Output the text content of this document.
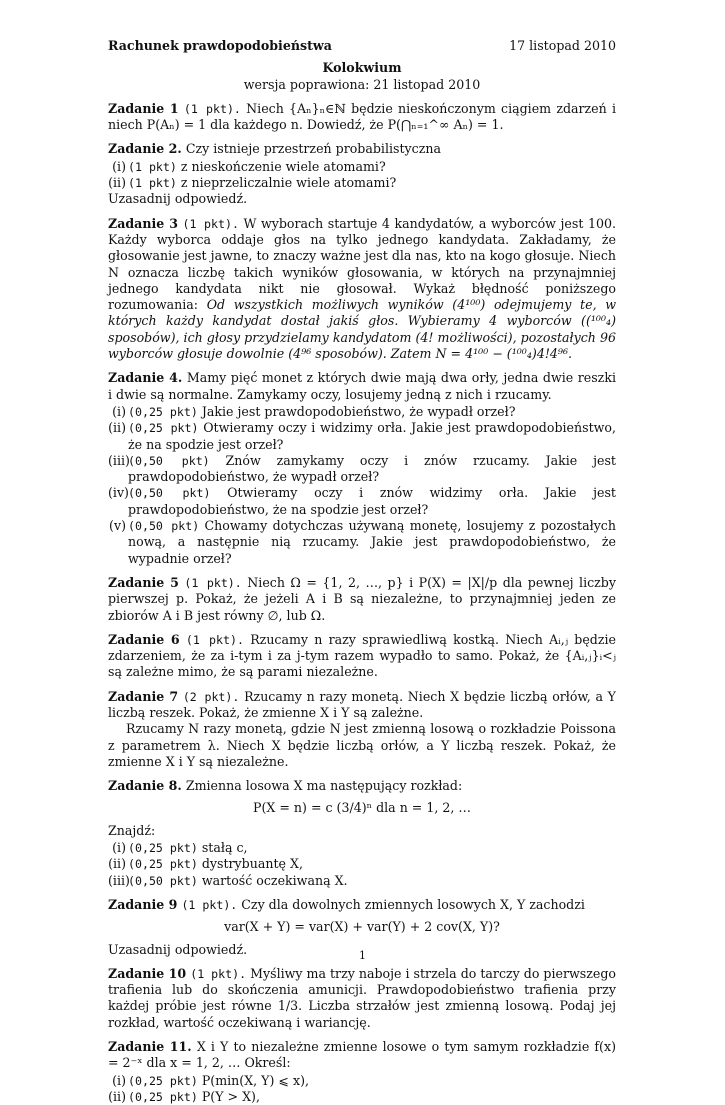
Rachunek prawdopodobieństwa	17 listopad 2010
Kolokwium
wersja poprawiona: 21 listopad 2010
Zadanie 1 (1 pkt). Niech {Aₙ}ₙ∈ℕ będzie nieskończonym ciągiem zdarzeń i niech P(Aₙ) = 1 dla każdego n. Dowiedź, że P(⋂ₙ₌₁^∞ Aₙ) = 1.
Zadanie 2. Czy istnieje przestrzeń probabilistyczna
(i) (1 pkt) z nieskończenie wiele atomami?
(ii) (1 pkt) z nieprzeliczalnie wiele atomami?
Uzasadnij odpowiedź.
Zadanie 3 (1 pkt). W wyborach startuje 4 kandydatów, a wyborców jest 100. Każdy wyborca oddaje głos na tylko jednego kandydata. Zakładamy, że głosowanie jest jawne, to znaczy ważne jest dla nas, kto na kogo głosuje. Niech N oznacza liczbę takich wyników głosowania, w których na przynajmniej jednego kandydata nikt nie głosował. Wykaż błędność poniższego rozumowania: Od wszystkich możliwych wyników (4¹⁰⁰) odejmujemy te, w których każdy kandydat dostał jakiś głos. Wybieramy 4 wyborców ((¹⁰⁰₄) sposobów), ich głosy przydzielamy kandydatom (4! możliwości), pozostałych 96 wyborców głosuje dowolnie (4⁹⁶ sposobów). Zatem N = 4¹⁰⁰ − (¹⁰⁰₄)4!4⁹⁶.
Zadanie 4. Mamy pięć monet z których dwie mają dwa orły, jedna dwie reszki i dwie są normalne. Zamykamy oczy, losujemy jedną z nich i rzucamy.
(i) (0,25 pkt) Jakie jest prawdopodobieństwo, że wypadł orzeł?
(ii) (0,25 pkt) Otwieramy oczy i widzimy orła. Jakie jest prawdopodobieństwo, że na spodzie jest orzeł?
(iii)
(0,50 pkt) Znów zamykamy oczy i znów rzucamy. Jakie jest prawdopodobieństwo, że wypadł orzeł?
(iv) (0,50 pkt) Otwieramy oczy i znów widzimy orła. Jakie jest prawdopodobieństwo, że na spodzie jest orzeł?
(v) (0,50 pkt) Chowamy dotychczas używaną monetę, losujemy z pozostałych nową, a następnie nią rzucamy. Jakie jest prawdopodobieństwo, że wypadnie orzeł?
Zadanie 5 (1 pkt). Niech Ω = {1, 2, …, p} i P(X) = |X|/p dla pewnej liczby pierwszej p. Pokaż, że jeżeli A i B są niezależne, to przynajmniej jeden ze zbiorów A i B jest równy ∅, lub Ω.
Zadanie 6 (1 pkt). Rzucamy n razy sprawiedliwą kostką. Niech Aᵢ,ⱼ będzie zdarzeniem, że za i-tym i za j-tym razem wypadło to samo. Pokaż, że {Aᵢ,ⱼ}ᵢ<ⱼ są zależne mimo, że są parami niezależne.
Zadanie 7 (2 pkt). Rzucamy n razy monetą. Niech X będzie liczbą orłów, a Y liczbą reszek. Pokaż, że zmienne X i Y są zależne.
Rzucamy N razy monetą, gdzie N jest zmienną losową o rozkładzie Poissona z parametrem λ. Niech X będzie liczbą orłów, a Y liczbą reszek. Pokaż, że zmienne X i Y są niezależne.
Zadanie 8. Zmienna losowa X ma następujący rozkład:
P(X = n) = c (3/4)ⁿ dla n = 1, 2, …
Znajdź:
(i) (0,25 pkt) stałą c,
(ii) (0,25 pkt) dystrybuantę X,
(iii)
(0,50 pkt) wartość oczekiwaną X.
Zadanie 9 (1 pkt). Czy dla dowolnych zmiennych losowych X, Y zachodzi
var(X + Y) = var(X) + var(Y) + 2 cov(X, Y)?
Uzasadnij odpowiedź.
Zadanie 10 (1 pkt). Myśliwy ma trzy naboje i strzela do tarczy do pierwszego trafienia lub do skończenia amunicji. Prawdopodobieństwo trafienia przy każdej próbie jest równe 1/3. Liczba strzałów jest zmienną losową. Podaj jej rozkład, wartość oczekiwaną i wariancję.
Zadanie 11. X i Y to niezależne zmienne losowe o tym samym rozkładzie f(x) = 2⁻ˣ dla x = 1, 2, … Określ:
(i) (0,25 pkt) P(min(X, Y) ⩽ x),
(ii) (0,25 pkt) P(Y > X),
1
